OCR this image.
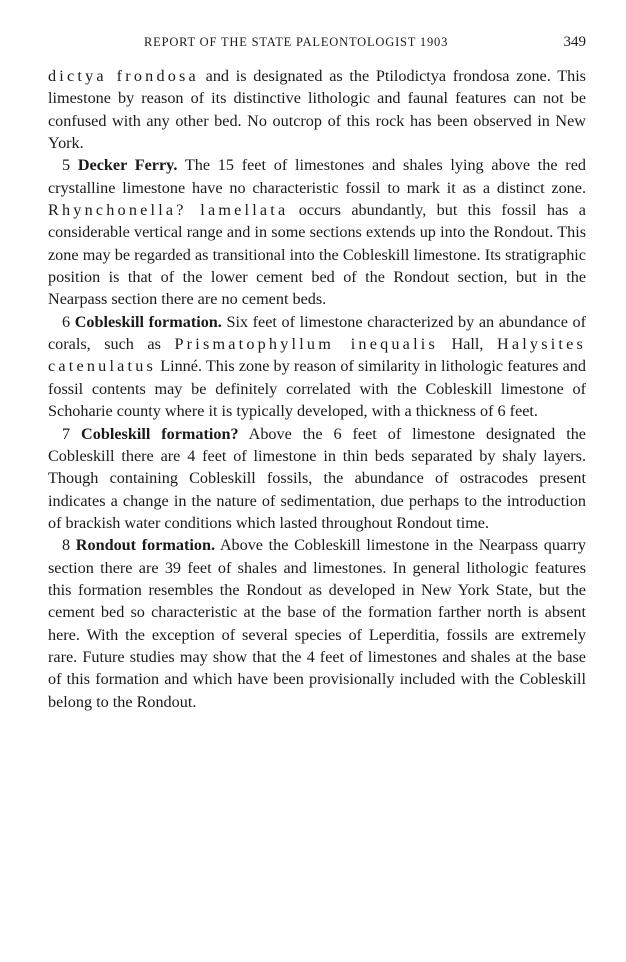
REPORT OF THE STATE PALEONTOLOGIST 1903	349

dictya frondosa and is designated as the Ptilodictya frondosa zone. This limestone by reason of its distinctive lithologic and faunal features can not be confused with any other bed. No outcrop of this rock has been observed in New York.

5 Decker Ferry. The 15 feet of limestones and shales lying above the red crystalline limestone have no characteristic fossil to mark it as a distinct zone. Rhynchonella? lamellata occurs abundantly, but this fossil has a considerable vertical range and in some sections extends up into the Rondout. This zone may be regarded as transitional into the Cobleskill limestone. Its stratigraphic position is that of the lower cement bed of the Rondout section, but in the Nearpass section there are no cement beds.

6 Cobleskill formation. Six feet of limestone characterized by an abundance of corals, such as Prismatophyllum inequalis Hall, Halysites catenulatus Linné. This zone by reason of similarity in lithologic features and fossil contents may be definitely correlated with the Cobleskill limestone of Schoharie county where it is typically developed, with a thickness of 6 feet.

7 Cobleskill formation? Above the 6 feet of limestone designated the Cobleskill there are 4 feet of limestone in thin beds separated by shaly layers. Though containing Cobleskill fossils, the abundance of ostracodes present indicates a change in the nature of sedimentation, due perhaps to the introduction of brackish water conditions which lasted throughout Rondout time.

8 Rondout formation. Above the Cobleskill limestone in the Nearpass quarry section there are 39 feet of shales and limestones. In general lithologic features this formation resembles the Rondout as developed in New York State, but the cement bed so characteristic at the base of the formation farther north is absent here. With the exception of several species of Leperditia, fossils are extremely rare. Future studies may show that the 4 feet of limestones and shales at the base of this formation and which have been provisionally included with the Cobleskill belong to the Rondout.
